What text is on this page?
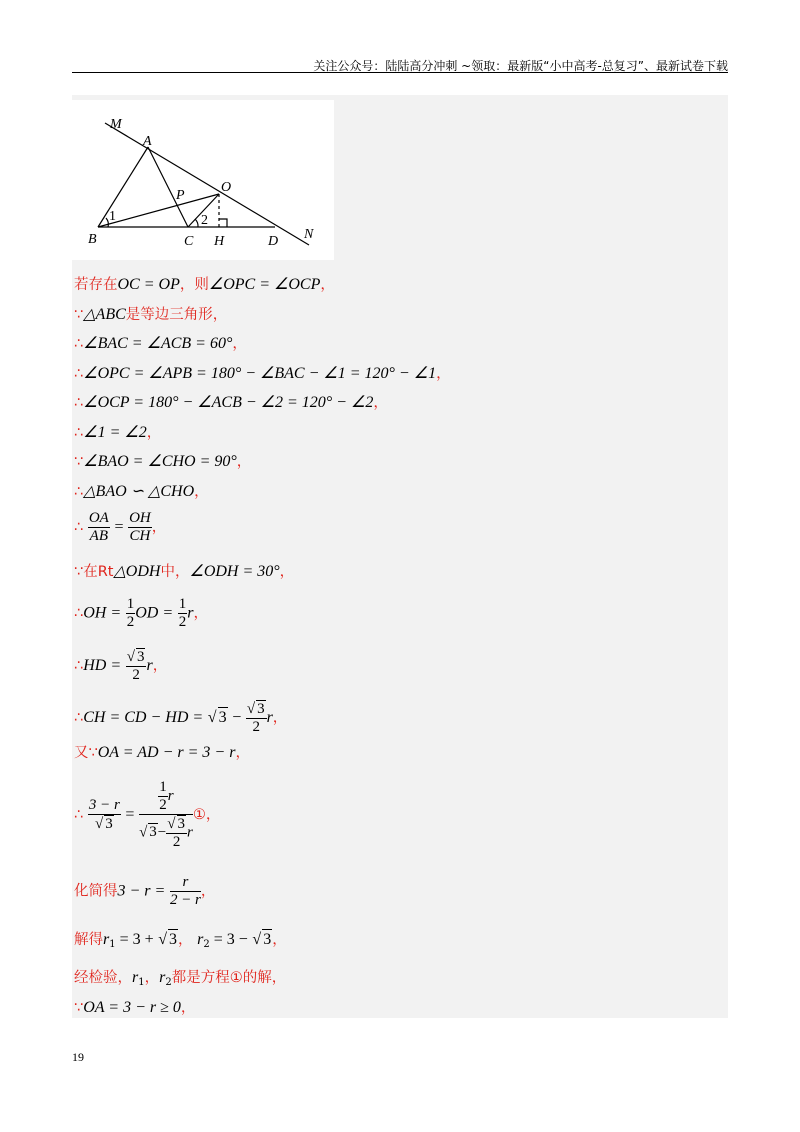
关注公众号：陆陆高分冲刺 ~领取：最新版“小中高考-总复习”、最新试卷下载
M
A
P
O
B	C H	D N
1	2
若存在OC = OP，则∠OPC = ∠OCP，
∵△ABC是等边三角形，
∴∠BAC = ∠ACB = 60°，
∴∠OPC = ∠APB = 180° − ∠BAC − ∠1 = 120° − ∠1，
∴∠OCP = 180° − ∠ACB − ∠2 = 120° − ∠2，
∴∠1 = ∠2，
∵∠BAO = ∠CHO = 90°，
∴△BAO ∽ △CHO，
∴ $\frac{OA}{AB} = \frac{OH}{CH}$ ，
∵在Rt△ODH中，∠ODH = 30°，
∴OH = $\frac{1}{2}$ OD = $\frac{1}{2}$ r，
∴HD = $\frac{√ 3}{2}$ r，
∴CH = CD − HD = √ $3 - \frac{√ 3}{2}$ r，
又∵OA = AD − r = 3 − r，
∴ $\frac{3 - r}{√ 3} = \frac{\frac{1}{2} r}{√ 3- \frac{√ 3}{2} r}$ ①，
化简得$3 - r = \frac{r}{2 - r}$ ，
解得$r_1 = 3$ + √ 3， $r_2 = 3$ − √ 3，
经检验，$r_1$，$r_2$都是方程①的解，
∵OA = 3 − r ≥ 0，
19
